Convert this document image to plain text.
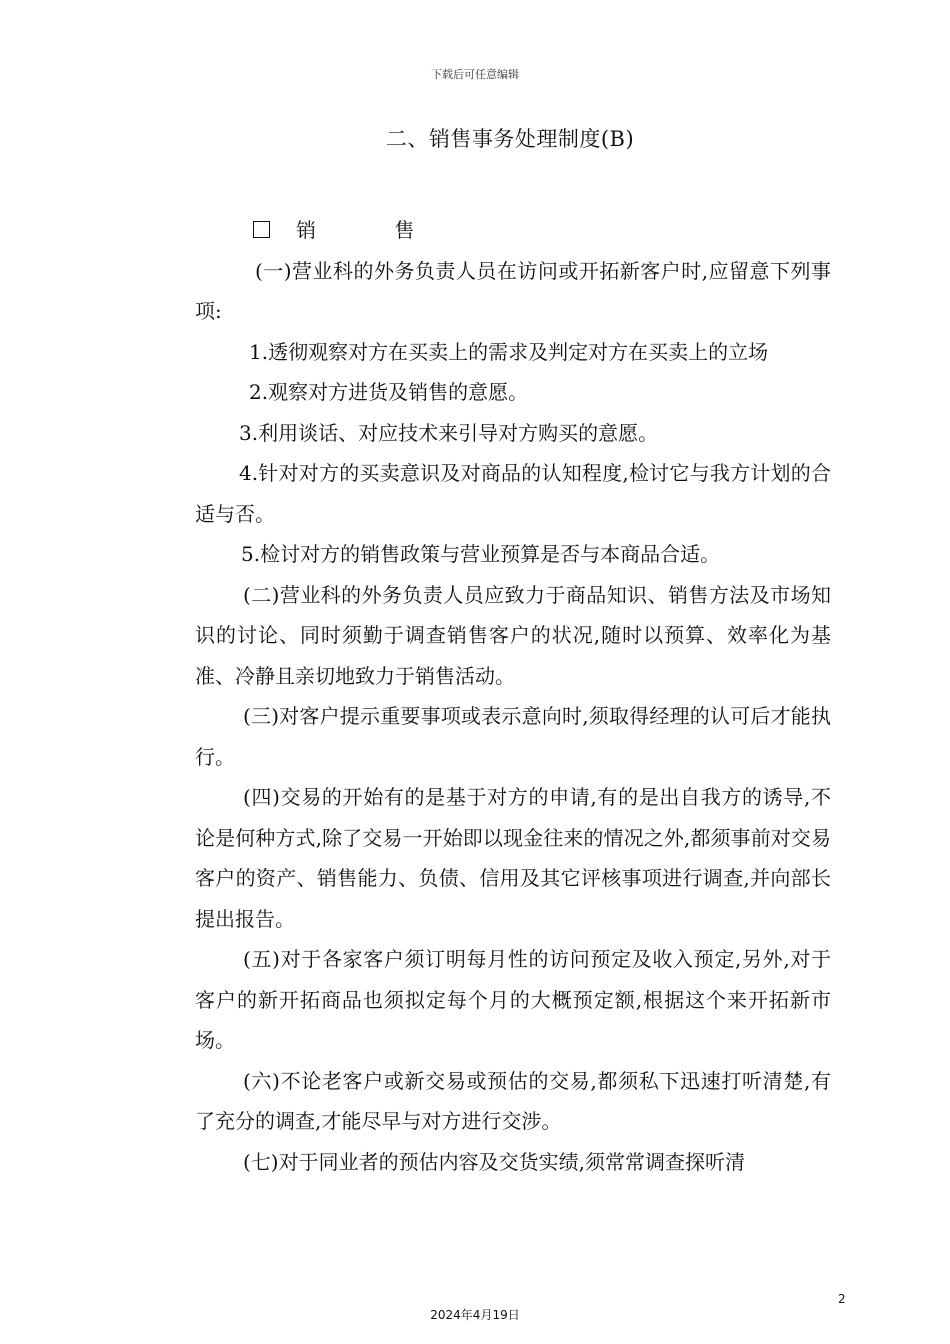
下载后可任意编辑
二、销售事务处理制度(B)

销 售

(一)营业科的外务负责人员在访问或开拓新客户时,应留意下列事项:

1.透彻观察对方在买卖上的需求及判定对方在买卖上的立场

2.观察对方进货及销售的意愿。

3.利用谈话、对应技术来引导对方购买的意愿。

4.针对对方的买卖意识及对商品的认知程度,检讨它与我方计划的合适与否。

5.检讨对方的销售政策与营业预算是否与本商品合适。

(二)营业科的外务负责人员应致力于商品知识、销售方法及市场知识的讨论、同时须勤于调查销售客户的状况,随时以预算、效率化为基准、冷静且亲切地致力于销售活动。

(三)对客户提示重要事项或表示意向时,须取得经理的认可后才能执行。

(四)交易的开始有的是基于对方的申请,有的是出自我方的诱导,不论是何种方式,除了交易一开始即以现金往来的情况之外,都须事前对交易客户的资产、销售能力、负债、信用及其它评核事项进行调查,并向部长提出报告。

(五)对于各家客户须订明每月性的访问预定及收入预定,另外,对于客户的新开拓商品也须拟定每个月的大概预定额,根据这个来开拓新市场。

(六)不论老客户或新交易或预估的交易,都须私下迅速打听清楚,有了充分的调查,才能尽早与对方进行交涉。

(七)对于同业者的预估内容及交货实绩,须常常调查探听清

2
2024年4月19日
